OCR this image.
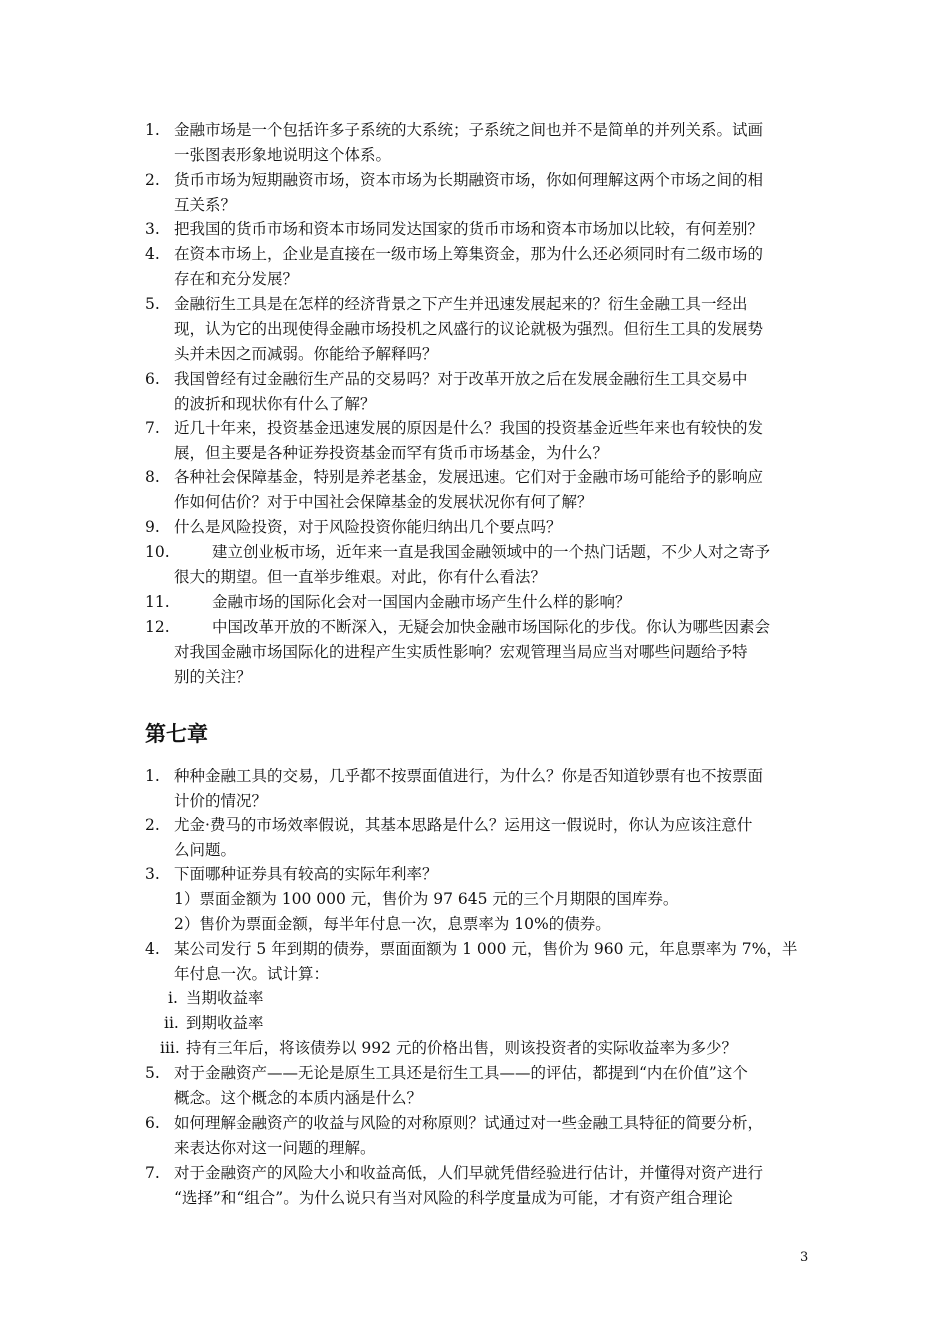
1. 金融市场是一个包括许多子系统的大系统；子系统之间也并不是简单的并列关系。试画
一张图表形象地说明这个体系。
2. 货币市场为短期融资市场，资本市场为长期融资市场，你如何理解这两个市场之间的相
互关系？
3. 把我国的货币市场和资本市场同发达国家的货币市场和资本市场加以比较，有何差别？
4. 在资本市场上，企业是直接在一级市场上筹集资金，那为什么还必须同时有二级市场的
存在和充分发展？
5. 金融衍生工具是在怎样的经济背景之下产生并迅速发展起来的？衍生金融工具一经出
现，认为它的出现使得金融市场投机之风盛行的议论就极为强烈。但衍生工具的发展势
头并未因之而减弱。你能给予解释吗？
6. 我国曾经有过金融衍生产品的交易吗？对于改革开放之后在发展金融衍生工具交易中
的波折和现状你有什么了解？
7. 近几十年来，投资基金迅速发展的原因是什么？我国的投资基金近些年来也有较快的发
展，但主要是各种证券投资基金而罕有货币市场基金，为什么？
8. 各种社会保障基金，特别是养老基金，发展迅速。它们对于金融市场可能给予的影响应
作如何估价？对于中国社会保障基金的发展状况你有何了解？
9. 什么是风险投资，对于风险投资你能归纳出几个要点吗？
10.	建立创业板市场，近年来一直是我国金融领域中的一个热门话题，不少人对之寄予
很大的期望。但一直举步维艰。对此，你有什么看法？
11.	金融市场的国际化会对一国国内金融市场产生什么样的影响？
12.	中国改革开放的不断深入，无疑会加快金融市场国际化的步伐。你认为哪些因素会
对我国金融市场国际化的进程产生实质性影响？宏观管理当局应当对哪些问题给予特
别的关注？
第七章
1. 种种金融工具的交易，几乎都不按票面值进行，为什么？你是否知道钞票有也不按票面
计价的情况？
2. 尤金·费马的市场效率假说，其基本思路是什么？运用这一假说时，你认为应该注意什
么问题。
3. 下面哪种证券具有较高的实际年利率？
1）票面金额为 100 000 元，售价为 97 645 元的三个月期限的国库券。
2）售价为票面金额，每半年付息一次，息票率为 10%的债券。
4. 某公司发行 5 年到期的债券，票面面额为 1 000 元，售价为 960 元，年息票率为 7%，半
年付息一次。试计算：
i. 当期收益率
ii. 到期收益率
iii. 持有三年后，将该债券以 992 元的价格出售，则该投资者的实际收益率为多少？
5. 对于金融资产——无论是原生工具还是衍生工具——的评估，都提到“内在价值”这个
概念。这个概念的本质内涵是什么？
6. 如何理解金融资产的收益与风险的对称原则？试通过对一些金融工具特征的简要分析，
来表达你对这一问题的理解。
7. 对于金融资产的风险大小和收益高低，人们早就凭借经验进行估计，并懂得对资产进行
“选择”和“组合”。为什么说只有当对风险的科学度量成为可能，才有资产组合理论
3
